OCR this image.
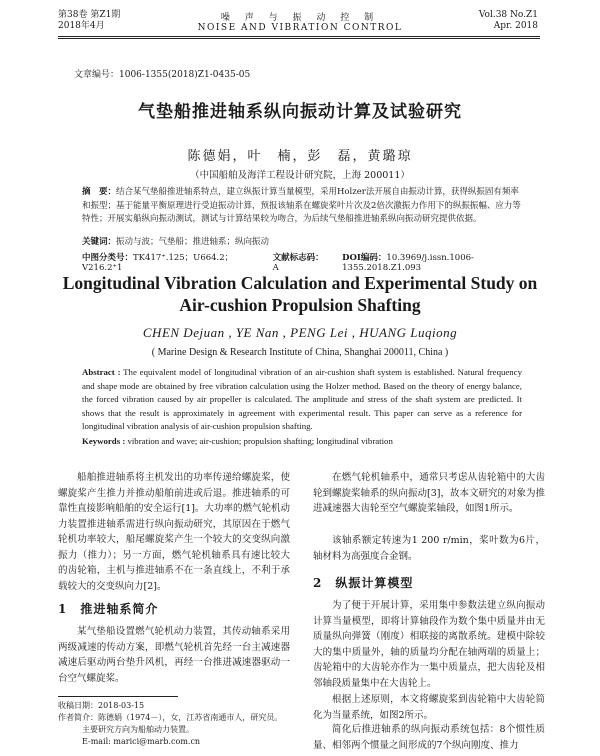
第38卷 第Z1期
2018年4月
噪 声 与 振 动 控 制
NOISE AND VIBRATION CONTROL
Vol.38 No.Z1
Apr. 2018
文章编号：1006-1355(2018)Z1-0435-05
气垫船推进轴系纵向振动计算及试验研究
陈德娟，叶　楠，彭　磊，黄璐琼
（中国船舶及海洋工程设计研究院，上海 200011）
摘　要：结合某气垫船推进轴系特点，建立纵振计算当量模型，采用Holzer法开展自由振动计算，获得纵振固有频率和振型；基于能量平衡原理进行受迫振动计算，预报该轴系在螺旋桨叶片次及2倍次激振力作用下的纵振振幅、应力等特性；开展实船纵向振动测试，测试与计算结果较为吻合，为后续气垫船推进轴系纵向振动研究提供依据。
关键词：振动与波；气垫船；推进轴系；纵向振动
中图分类号：TK417⁺.125；U664.2；V216.2⁺1
文献标志码：A
DOI编码：10.3969/j.issn.1006-1355.2018.Z1.093
Longitudinal Vibration Calculation and Experimental Study on
Air-cushion Propulsion Shafting
CHEN Dejuan , YE Nan , PENG Lei , HUANG Luqiong
( Marine Design & Research Institute of China, Shanghai 200011, China )
Abstract : The equivalent model of longitudinal vibration of an air-cushion shaft system is established. Natural frequency and shape mode are obtained by free vibration calculation using the Holzer method. Based on the theory of energy balance, the forced vibration caused by air propeller is calculated. The amplitude and stress of the shaft system are predicted. It shows that the result is approximately in agreement with experimental result. This paper can serve as a reference for longitudinal vibration analysis of air-cushion propulsion shafting.
Keywords : vibration and wave; air-cushion; propulsion shafting; longitudinal vibration
船舶推进轴系将主机发出的功率传递给螺旋桨，使螺旋桨产生推力并推动船舶前进或后退。推进轴系的可靠性直接影响船舶的安全运行[1]。大功率的燃气轮机动力装置推进轴系需进行纵向振动研究，其原因在于燃气轮机功率较大，船尾螺旋桨产生一个较大的交变纵向激振力（推力）；另一方面，燃气轮机轴系具有速比较大的齿轮箱，主机与推进轴系不在一条直线上，不利于承载较大的交变纵向力[2]。
1　推进轴系简介
某气垫船设置燃气轮机动力装置，其传动轴系采用两级减速的传动方案，即燃气轮机首先经一台主减速器减速后驱动两台垫升风机，再经一台推进减速器驱动一台空气螺旋桨。
收稿日期：2018-03-15
作者简介：陈德娟（1974－），女，江苏省南通市人，研究员。
主要研究方向为船舶动力装置。
E-mail: marici@marb.com.cn
在燃气轮机轴系中，通常只考虑从齿轮箱中的大齿轮到螺旋桨轴系的纵向振动[3]，故本文研究的对象为推进减速器大齿轮至空气螺旋桨轴段，如图1所示。
该轴系额定转速为1 200 r/min，桨叶数为6片，轴材料为高强度合金钢。
2　纵振计算模型
为了便于开展计算，采用集中参数法建立纵向振动计算当量模型，即将计算轴段作为数个集中质量并由无质量纵向弹簧（刚度）相联接的离散系统。建模中除较大的集中质量外，轴的质量均分配在轴两端的质量上；齿轮箱中的大齿轮亦作为一集中质量点，把大齿轮及相邻轴段质量集中在大齿轮上。
根据上述原则，本文将螺旋桨到齿轮箱中大齿轮简化为当量系统，如图2所示。
简化后推进轴系的纵向振动系统包括：8个惯性质量、相邻两个惯量之间形成的7个纵向刚度、推力
